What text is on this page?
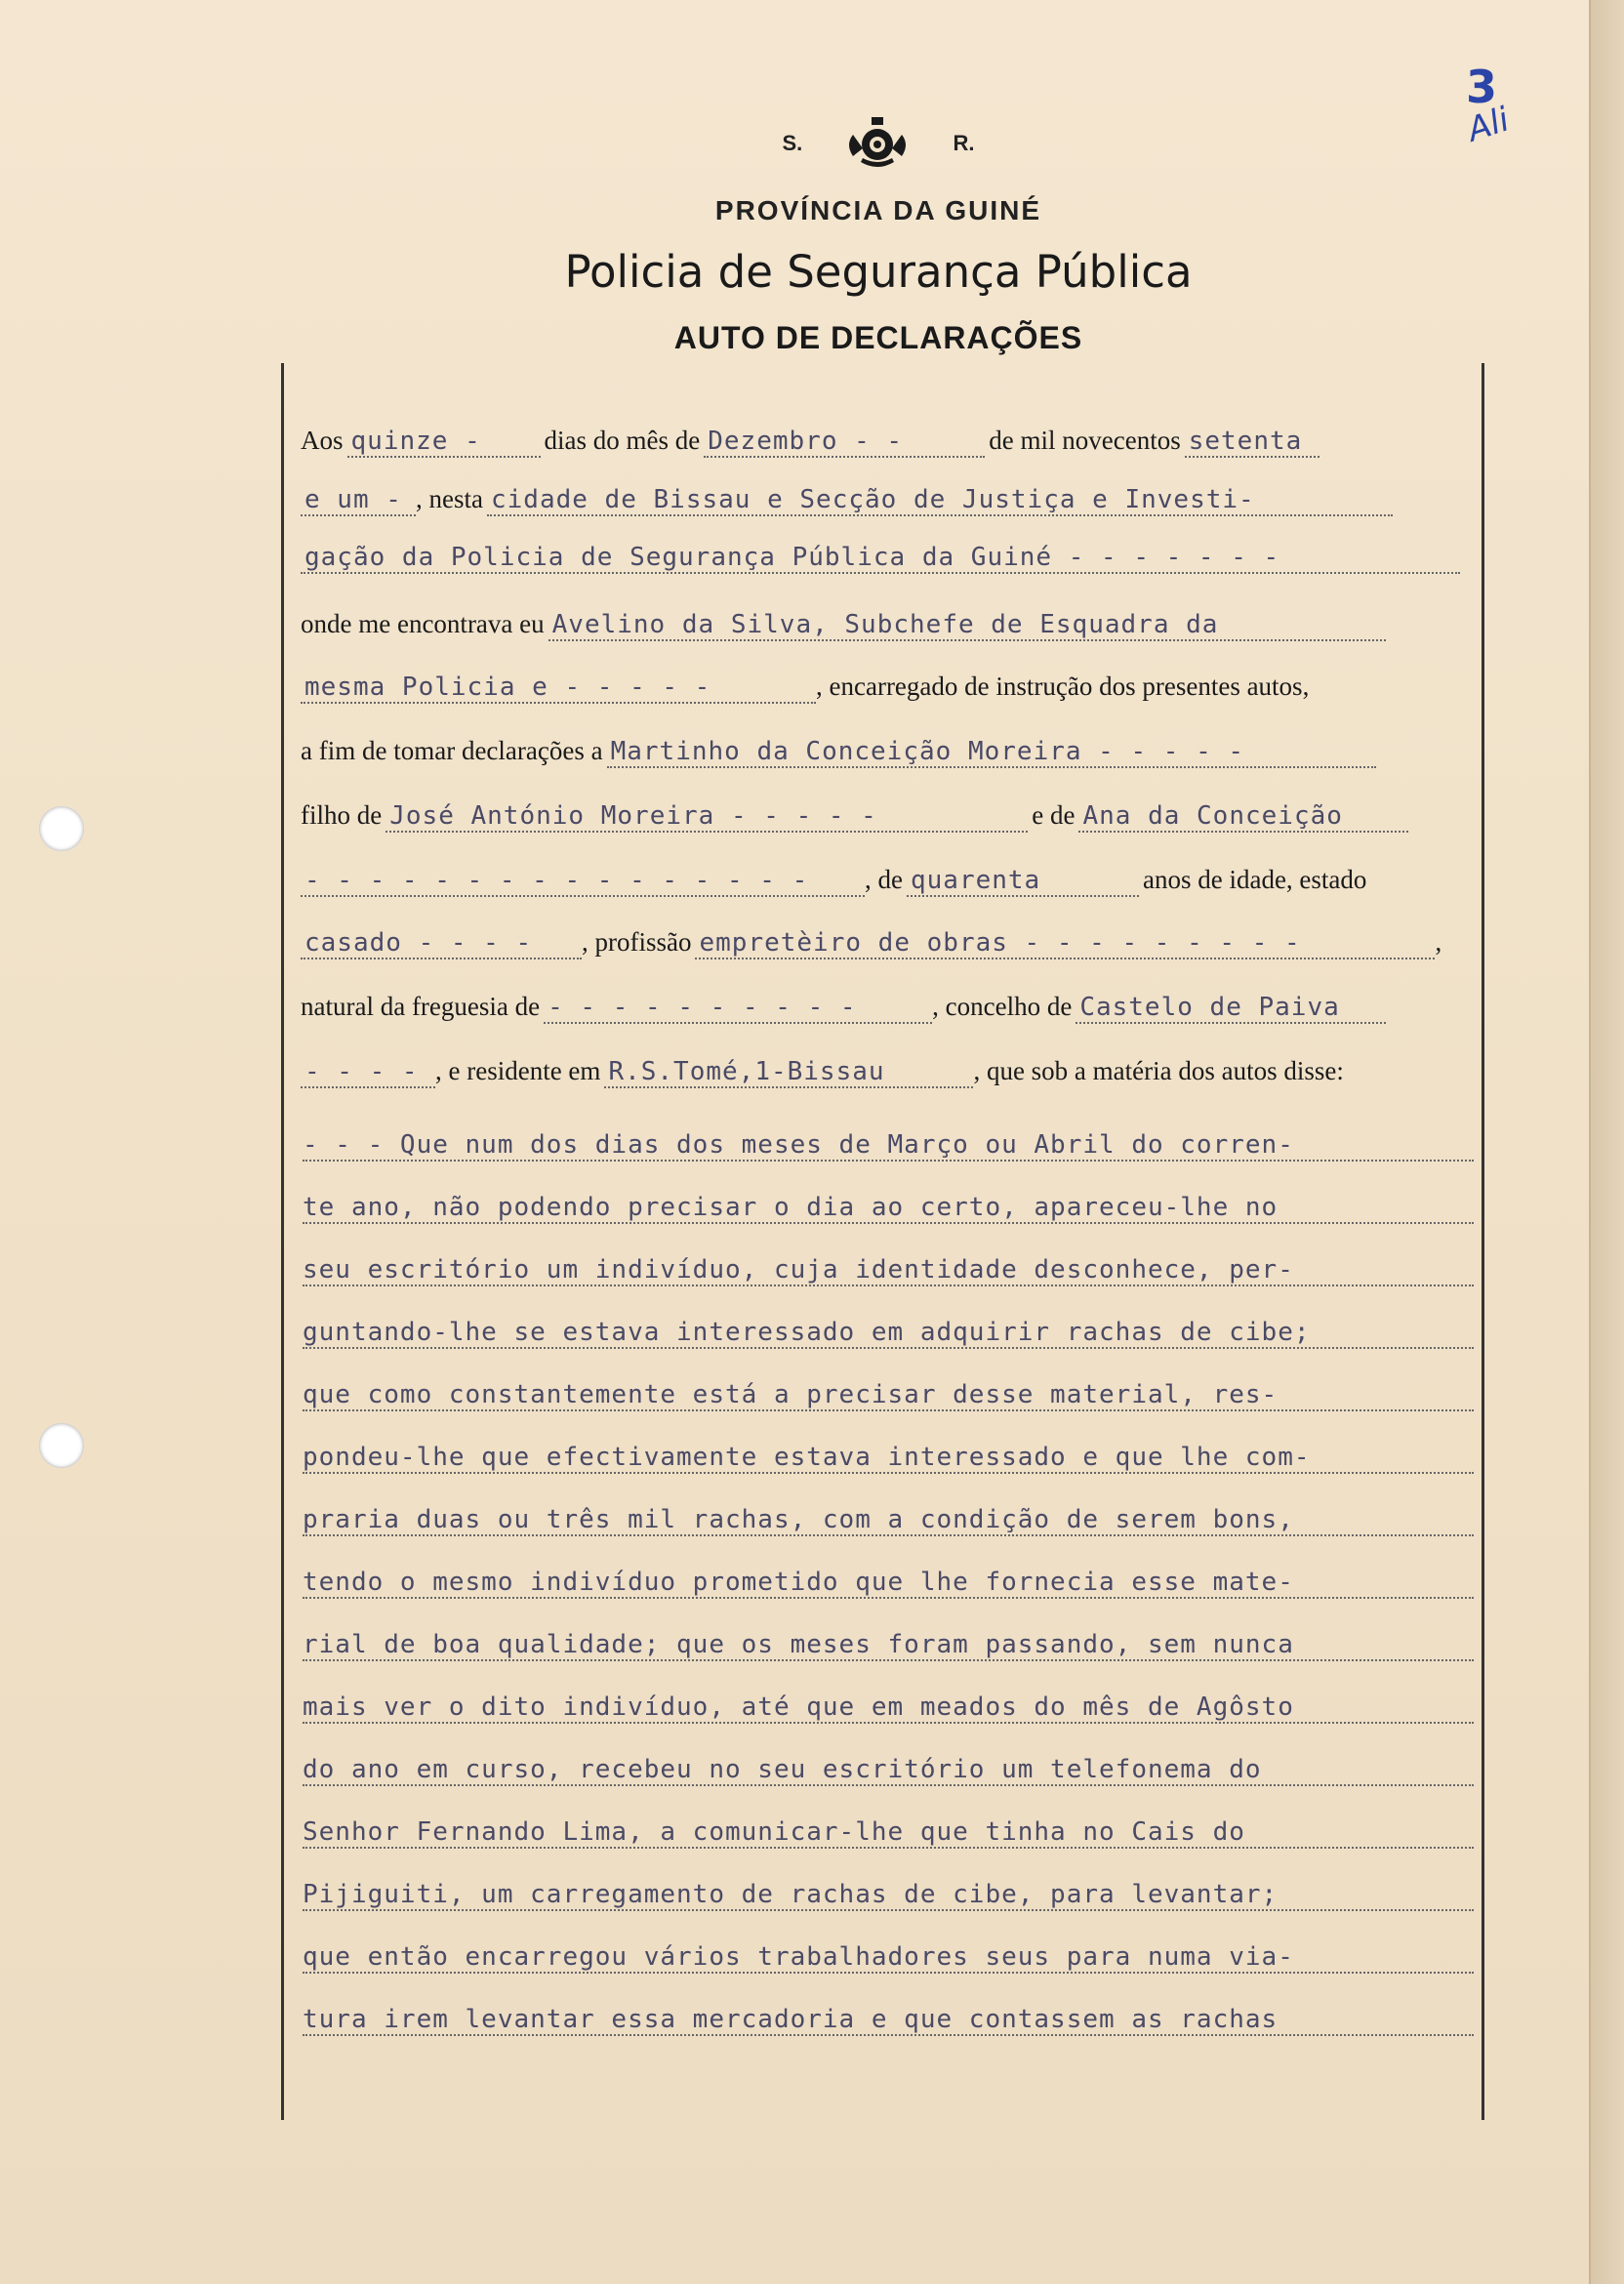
3
Ali
S.	R.
PROVÍNCIA DA GUINÉ
Policia de Segurança Pública
AUTO DE DECLARAÇÕES
Aos quinze - dias do mês de Dezembro - -	de mil novecentos setenta
e um - , nesta cidade de Bissau e Secção de Justiça e Investi-
gação da Policia de Segurança Pública da Guiné - - - - - - -
onde me encontrava eu Avelino da Silva, Subchefe de Esquadra da
mesma Policia e - - - - -	, encarregado de instrução dos presentes autos,
a fim de tomar declarações a Martinho da Conceição Moreira - - - - -
filho de José António Moreira - - - - -	e de Ana da Conceição
- - - - - - - - - - - - - - - - , de quarenta	anos de idade, estado
casado - - - - , profissão empretèiro de obras - - - - - - - - -	,
natural da freguesia de - - - - - - - - - -	, concelho de Castelo de Paiva
- - - - , e residente em R.S.Tomé,1-Bissau	, que sob a matéria dos autos disse:
- - - Que num dos dias dos meses de Março ou Abril do corren-
te ano, não podendo precisar o dia ao certo, apareceu-lhe no
seu escritório um indivíduo, cuja identidade desconhece, per-
guntando-lhe se estava interessado em adquirir rachas de cibe;
que como constantemente está a precisar desse material, res-
pondeu-lhe que efectivamente estava interessado e que lhe com-
praria duas ou três mil rachas, com a condição de serem bons,
tendo o mesmo indivíduo prometido que lhe fornecia esse mate-
rial de boa qualidade; que os meses foram passando, sem nunca
mais ver o dito indivíduo, até que em meados do mês de Agôsto
do ano em curso, recebeu no seu escritório um telefonema do
Senhor Fernando Lima, a comunicar-lhe que tinha no Cais do
Pijiguiti, um carregamento de rachas de cibe, para levantar;
que então encarregou vários trabalhadores seus para numa via-
tura irem levantar essa mercadoria e que contassem as rachas
